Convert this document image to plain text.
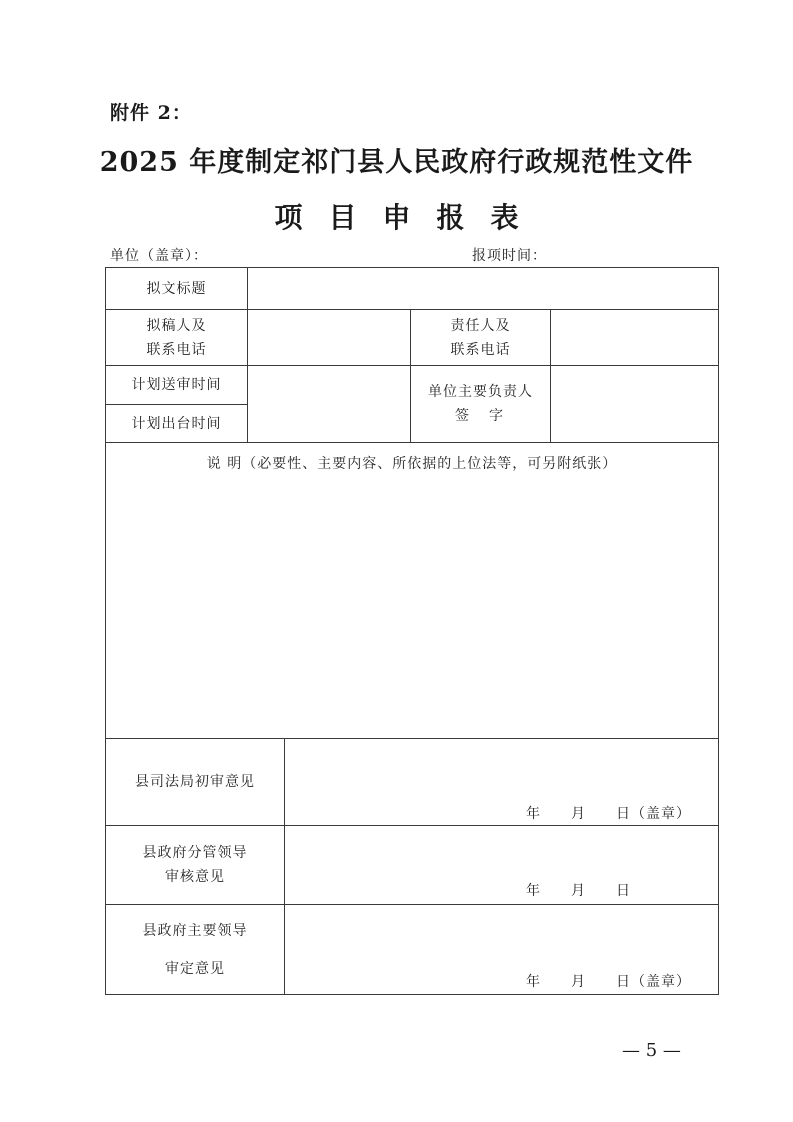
附件 2：
2025 年度制定祁门县人民政府行政规范性文件
项目申报表
单位（盖章）：	报项时间：
拟文标题
拟稿人及
联系电话
责任人及
联系电话
计划送审时间
计划出台时间
单位主要负责人
签　字
说 明（必要性、主要内容、所依据的上位法等，可另附纸张）
县司法局初审意见
年　　月　　日（盖章）
县政府分管领导
审核意见
年　　月　　日
县政府主要领导
审定意见
年　　月　　日（盖章）
— 5 —
